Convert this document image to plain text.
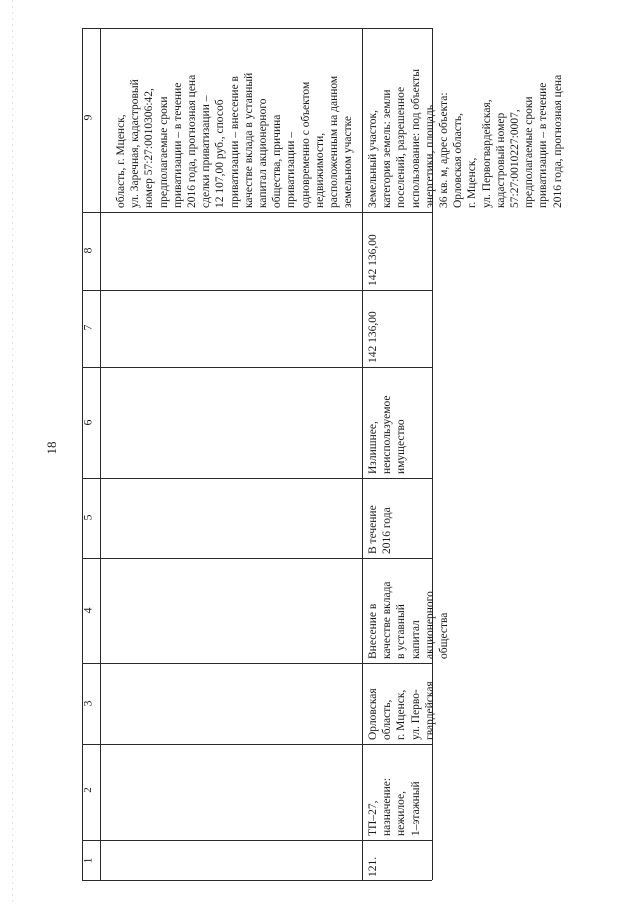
18
9
8
7
6
5
4
3
2
1
область, г. Мценск,
ул. Заречная, кадастровый
номер 57:27:0010306:42,
предполагаемые сроки
приватизации – в течение
2016 года, прогнозная цена
сделки приватизации –
12 107,00 руб., способ
приватизации – внесение в
качестве вклада в уставный
капитал акционерного
общества, причина
приватизации –
одновременно с объектом
недвижимости,
расположенным на данном
земельном участке
121.
ТП–27,
назначение:
нежилое,
1–этажный
Орловская
область,
г. Мценск,
ул. Перво-
гвардейская
Внесение в
качестве вклада
в уставный
капитал
акционерного
общества
В течение
2016 года
Излишнее,
неиспользуемое
имущество
142 136,00
142 136,00
Земельный участок,
категория земель: земли
поселений, разрешенное
использование: под объекты
энергетики, площадь
36 кв. м, адрес объекта:
Орловская область,
г. Мценск,
ул. Первогвардейская,
кадастровый номер
57:27:0010227:0007,
предполагаемые сроки
приватизации – в течение
2016 года, прогнозная цена
